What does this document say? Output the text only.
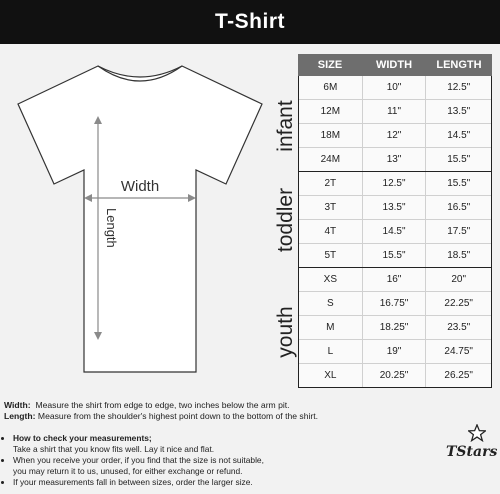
T-Shirt
Width
Length
infant
toddler
youth
SIZE	WIDTH	LENGTH
6M	10"	12.5"
12M	11"	13.5"
18M	12"	14.5"
24M	13"	15.5"
2T	12.5"	15.5"
3T	13.5"	16.5"
4T	14.5"	17.5"
5T	15.5"	18.5"
XS	16"	20"
S	16.75"	22.25"
M	18.25"	23.5"
L	19"	24.75"
XL	20.25"	26.25"
Width: Measure the shirt from edge to edge, two inches below the arm pit.
Length: Measure from the shoulder's highest point down to the bottom of the shirt.
• How to check your measurements;
Take a shirt that you know fits well. Lay it nice and flat.
• When you receive your order, if you find that the size is not suitable,
you may return it to us, unused, for either exchange or refund.
• If your measurements fall in between sizes, order the larger size.
TStars
